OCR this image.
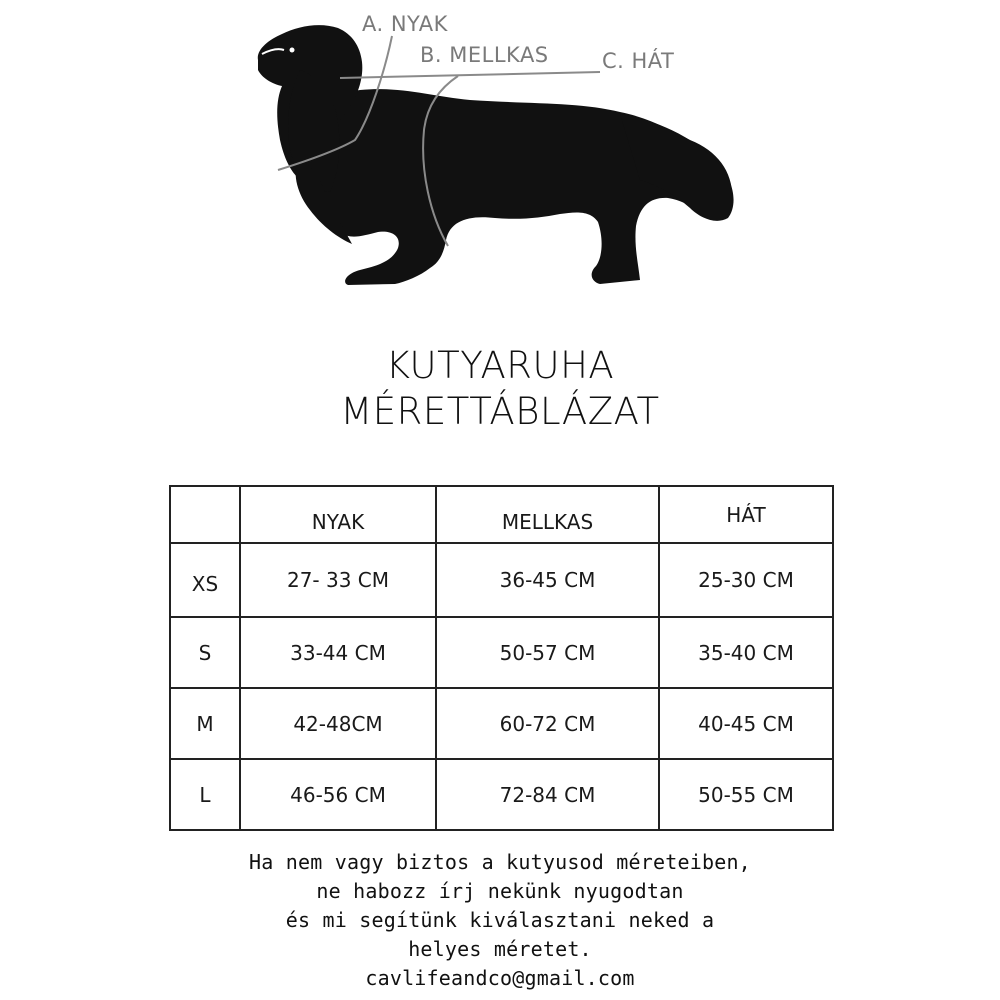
A. NYAK
B. MELLKAS	C. HÁT
KUTYARUHA
MÉRETTÁBLÁZAT
	NYAK	MELLKAS	HÁT
XS	27- 33 CM	36-45 CM	25-30 CM
S	33-44 CM	50-57 CM	35-40 CM
M	42-48CM	60-72 CM	40-45 CM
L	46-56 CM	72-84 CM	50-55 CM
Ha nem vagy biztos a kutyusod méreteiben,
ne habozz írj nekünk nyugodtan
és mi segítünk kiválasztani neked a
helyes méretet.
cavlifeandco@gmail.com
